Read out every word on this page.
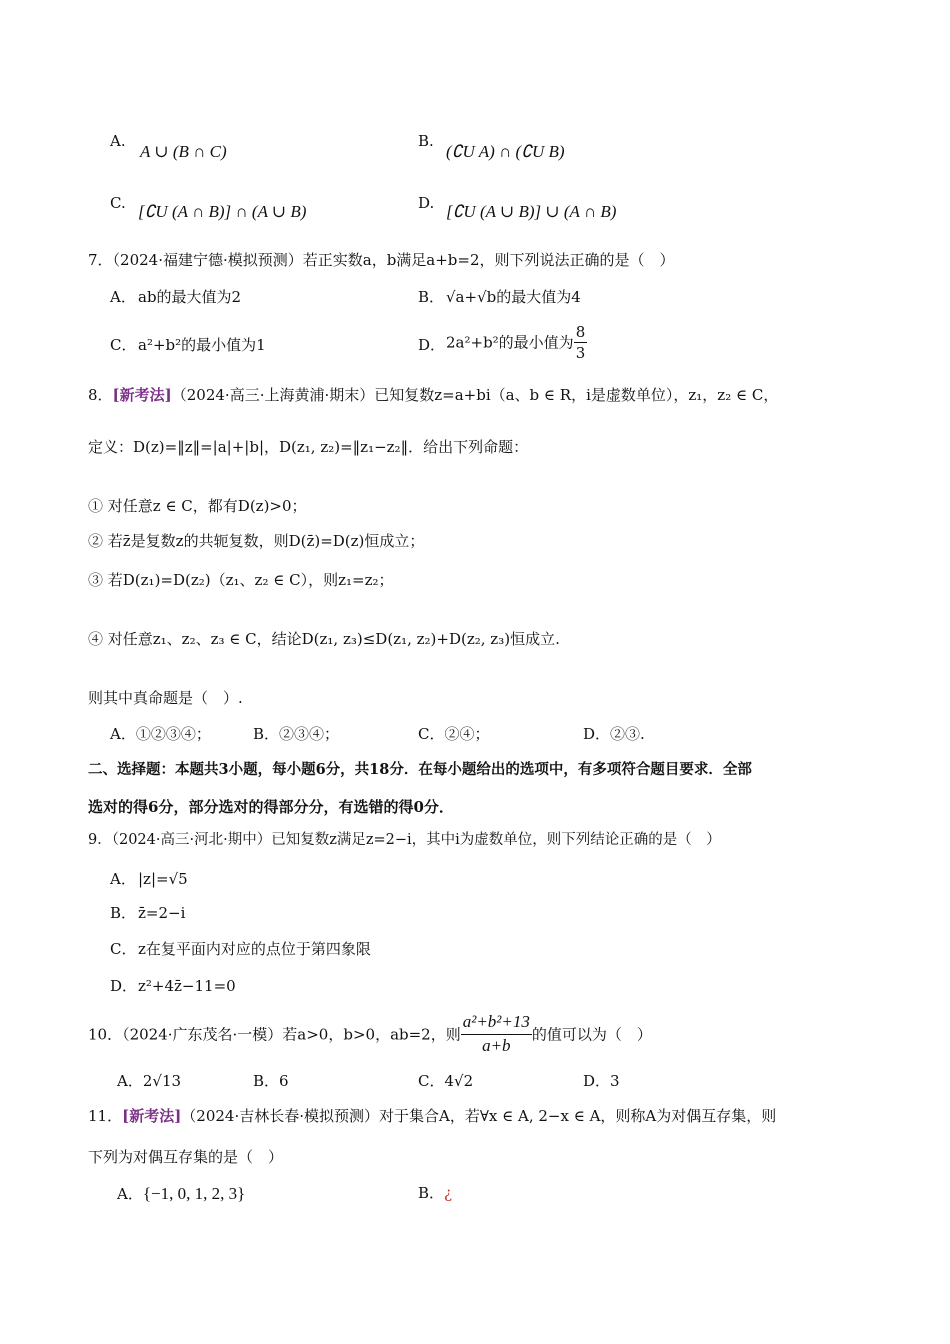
A.
A ∪ (B ∩ C)
B.
(∁U A) ∩ (∁U B)
C. [∁U (A ∩ B)] ∩ (A ∪ B)	D. [∁U (A ∪ B)] ∪ (A ∩ B)
7．（2024·福建宁德·模拟预测）若正实数a，b满足a+b=2，则下列说法正确的是（　）
A． ab的最大值为2	B． √a+√b的最大值为4
C． a²+b²的最小值为1	D． 2a²+b²的最小值为 $\frac{8}{3}$
8．[新考法]（2024·高三·上海黄浦·期末）已知复数z=a+bi（a、b ∈ R，i是虚数单位），z₁，z₂ ∈ C，
定义：D(z)=‖z‖=|a|+|b|，D(z₁, z₂)=‖z₁−z₂‖．给出下列命题：
① 对任意z ∈ C，都有D(z)>0；
② 若z̄是复数z的共轭复数，则D(z̄)=D(z)恒成立；
③ 若D(z₁)=D(z₂)（z₁、z₂ ∈ C），则z₁=z₂；
④ 对任意z₁、z₂、z₃ ∈ C，结论D(z₁, z₃)≤D(z₁, z₂)+D(z₂, z₃)恒成立.
则其中真命题是（　）.
A．①②③④；	B．②③④；	C．②④；	D．②③.
二、选择题：本题共3小题，每小题6分，共18分．在每小题给出的选项中，有多项符合题目要求．全部
选对的得6分，部分选对的得部分分，有选错的得0分．
9．（2024·高三·河北·期中）已知复数z满足z=2−i，其中i为虚数单位，则下列结论正确的是（　）
A． |z|=√5
B． z̄=2−i
C． z在复平面内对应的点位于第四象限
D． z²+4z̄−11=0
10．（2024·广东茂名·一模）若a>0，b>0，ab=2，则 $\frac{\text{a²+b²+13}}{a+b}$ 的值可以为（　）
A．2√13	B．6	C．4√2	D．3
11．[新考法]（2024·吉林长春·模拟预测）对于集合A，若∀x ∈ A, 2−x ∈ A，则称A为对偶互存集，则
下列为对偶互存集的是（　）
A．{−1, 0, 1, 2, 3}	B．¿
